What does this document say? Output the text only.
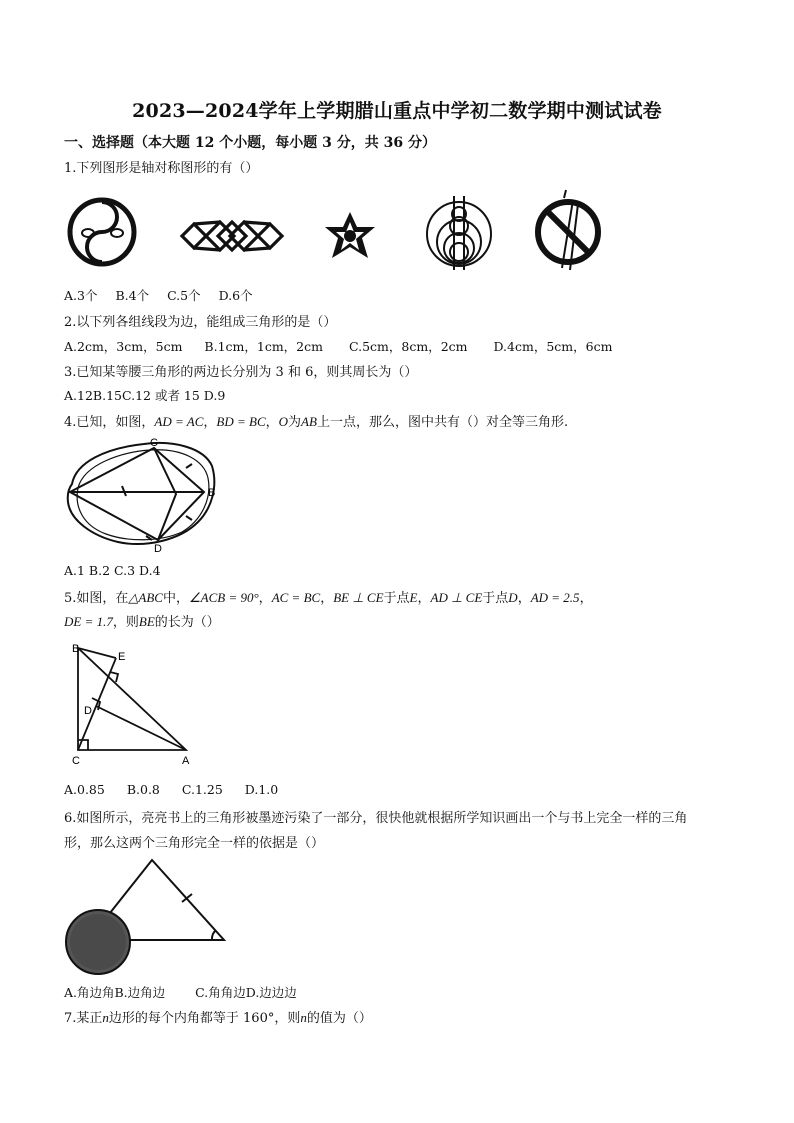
2023—2024学年上学期腊山重点中学初二数学期中测试试卷
一、选择题（本大题 12 个小题，每小题 3 分，共 36 分）
1.下列图形是轴对称图形的有（）
A.3个 B.4个 C.5个 D.6个
2.以下列各组线段为边，能组成三角形的是（）
A.2cm，3cm，5cm B.1cm，1cm，2cm C.5cm，8cm，2cm D.4cm，5cm，6cm
3.已知某等腰三角形的两边长分别为 3 和 6，则其周长为（）
A.12B.15C.12 或者 15 D.9
4.已知，如图，AD = AC，BD = BC，O为AB上一点，那么，图中共有（）对全等三角形.
C
B
D
A.1 B.2 C.3 D.4
5.如图，在△ABC中，∠ACB = 90°，AC = BC，BE ⊥ CE于点E，AD ⊥ CE于点D，AD = 2.5，
DE = 1.7，则BE的长为（）
B
E
D
C	A
A.0.85 B.0.8 C.1.25 D.1.0
6.如图所示，亮亮书上的三角形被墨迹污染了一部分，很快他就根据所学知识画出一个与书上完全一样的三角
形，那么这两个三角形完全一样的依据是（）
A.角边角B.边角边 C.角角边D.边边边
7.某正n边形的每个内角都等于 160°，则n的值为（）
